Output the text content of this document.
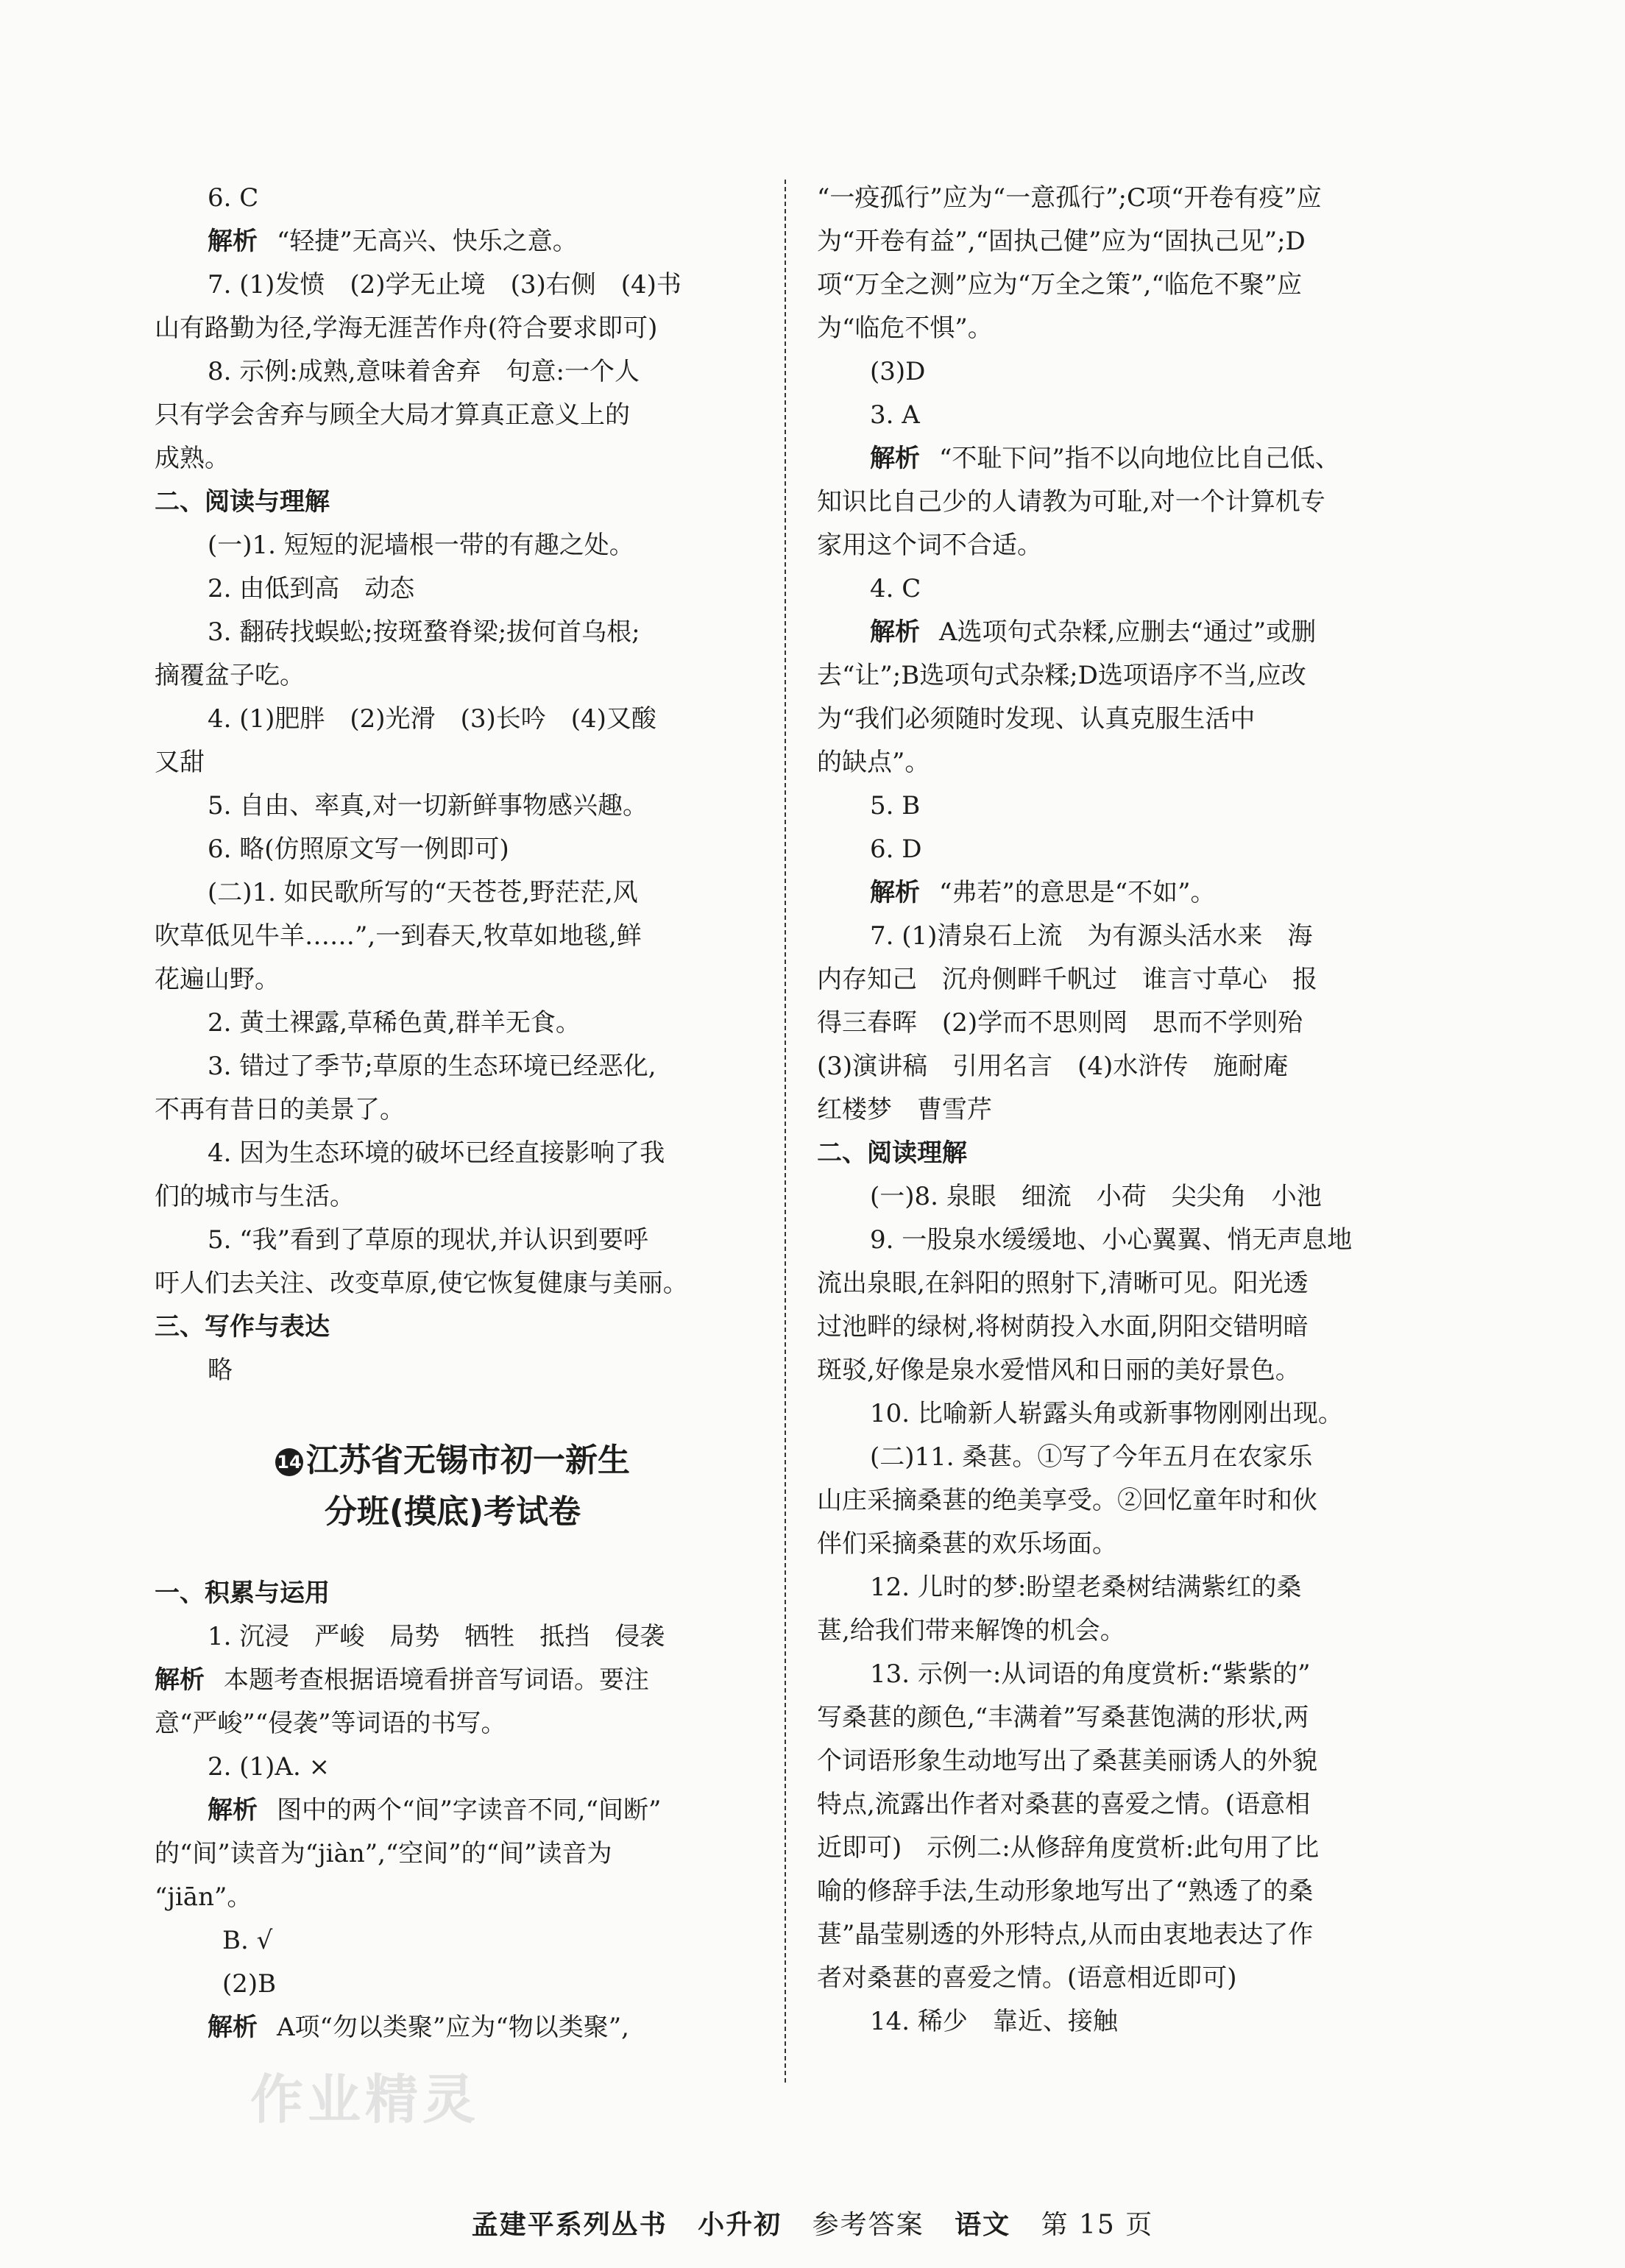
作业精灵
6. C
解析 “轻捷”无高兴、快乐之意。
7. (1)发愤　(2)学无止境　(3)右侧　(4)书
山有路勤为径,学海无涯苦作舟(符合要求即可)
8. 示例:成熟,意味着舍弃　句意:一个人
只有学会舍弃与顾全大局才算真正意义上的
成熟。
二、阅读与理解
(一)1. 短短的泥墙根一带的有趣之处。
2. 由低到高　动态
3. 翻砖找蜈蚣;按斑蝥脊梁;拔何首乌根;
摘覆盆子吃。
4. (1)肥胖　(2)光滑　(3)长吟　(4)又酸
又甜
5. 自由、率真,对一切新鲜事物感兴趣。
6. 略(仿照原文写一例即可)
(二)1. 如民歌所写的“天苍苍,野茫茫,风
吹草低见牛羊……”,一到春天,牧草如地毯,鲜
花遍山野。
2. 黄土裸露,草稀色黄,群羊无食。
3. 错过了季节;草原的生态环境已经恶化,
不再有昔日的美景了。
4. 因为生态环境的破坏已经直接影响了我
们的城市与生活。
5. “我”看到了草原的现状,并认识到要呼
吁人们去关注、改变草原,使它恢复健康与美丽。
三、写作与表达
略
14 江苏省无锡市初一新生
分班(摸底)考试卷
一、积累与运用
1. 沉浸　严峻　局势　牺牲　抵挡　侵袭
解析 本题考查根据语境看拼音写词语。要注
意“严峻”“侵袭”等词语的书写。
2. (1)A. ×
解析 图中的两个“间”字读音不同,“间断”
的“间”读音为“jiàn”,“空间”的“间”读音为
“jiān”。
B. √
(2)B
解析 A项“勿以类聚”应为“物以类聚”,
“一疫孤行”应为“一意孤行”;C项“开卷有疫”应
为“开卷有益”,“固执己健”应为“固执己见”;D
项“万全之测”应为“万全之策”,“临危不聚”应
为“临危不惧”。
(3)D
3. A
解析 “不耻下问”指不以向地位比自己低、
知识比自己少的人请教为可耻,对一个计算机专
家用这个词不合适。
4. C
解析 A选项句式杂糅,应删去“通过”或删
去“让”;B选项句式杂糅;D选项语序不当,应改
为“我们必须随时发现、认真克服生活中
的缺点”。
5. B
6. D
解析 “弗若”的意思是“不如”。
7. (1)清泉石上流　为有源头活水来　海
内存知己　沉舟侧畔千帆过　谁言寸草心　报
得三春晖　(2)学而不思则罔　思而不学则殆
(3)演讲稿　引用名言　(4)水浒传　施耐庵
红楼梦　曹雪芹
二、阅读理解
(一)8. 泉眼　细流　小荷　尖尖角　小池
9. 一股泉水缓缓地、小心翼翼、悄无声息地
流出泉眼,在斜阳的照射下,清晰可见。阳光透
过池畔的绿树,将树荫投入水面,阴阳交错明暗
斑驳,好像是泉水爱惜风和日丽的美好景色。
10. 比喻新人崭露头角或新事物刚刚出现。
(二)11. 桑葚。①写了今年五月在农家乐
山庄采摘桑葚的绝美享受。②回忆童年时和伙
伴们采摘桑葚的欢乐场面。
12. 儿时的梦:盼望老桑树结满紫红的桑
葚,给我们带来解馋的机会。
13. 示例一:从词语的角度赏析:“紫紫的”
写桑葚的颜色,“丰满着”写桑葚饱满的形状,两
个词语形象生动地写出了桑葚美丽诱人的外貌
特点,流露出作者对桑葚的喜爱之情。(语意相
近即可)　示例二:从修辞角度赏析:此句用了比
喻的修辞手法,生动形象地写出了“熟透了的桑
葚”晶莹剔透的外形特点,从而由衷地表达了作
者对桑葚的喜爱之情。(语意相近即可)
14. 稀少　靠近、接触
孟建平系列丛书 小升初 参考答案 语文 第 15 页
